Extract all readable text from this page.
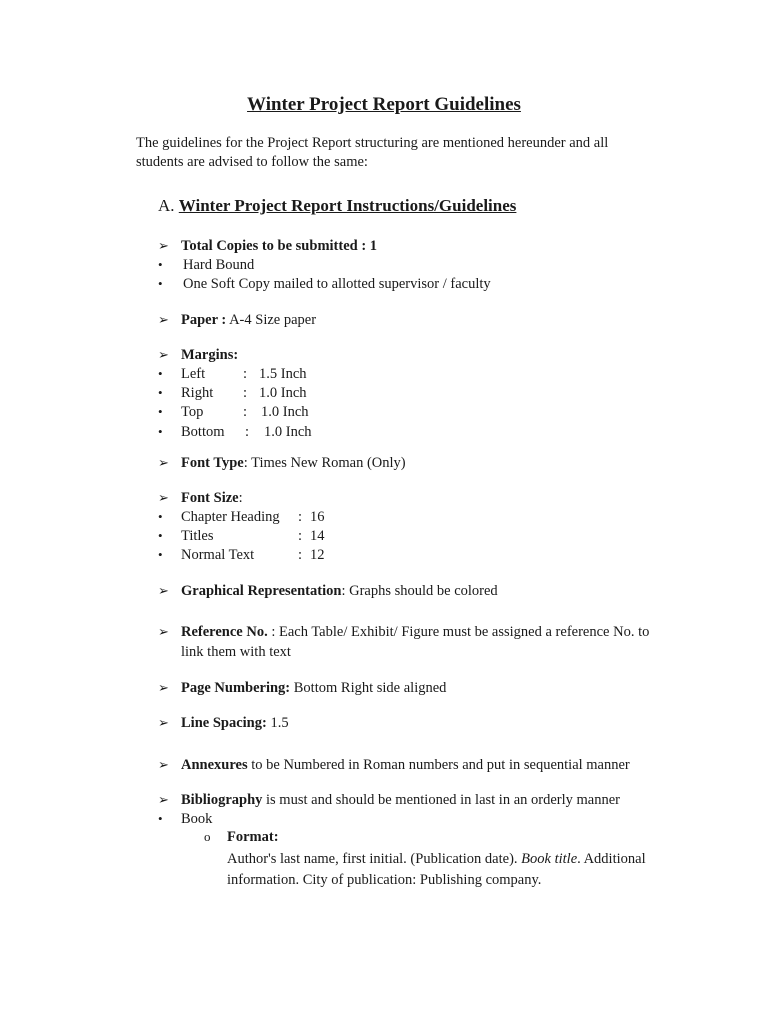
Winter Project Report Guidelines
The guidelines for the Project Report structuring are mentioned hereunder and all
students are advised to follow the same:
A. Winter Project Report Instructions/Guidelines
➢ Total Copies to be submitted : 1
• Hard Bound
• One Soft Copy mailed to allotted supervisor / faculty
➢ Paper : A-4 Size paper
➢ Margins:
• Left	: 1.5 Inch
• Right : 1.0 Inch
• Top	: 1.0 Inch
• Bottom : 1.0 Inch
➢ Font Type: Times New Roman (Only)
➢ Font Size:
• Chapter Heading : 16
• Titles	: 14
• Normal Text	: 12
➢ Graphical Representation: Graphs should be colored
➢ Reference No. : Each Table/ Exhibit/ Figure must be assigned a reference No. to
link them with text
➢ Page Numbering: Bottom Right side aligned
➢ Line Spacing: 1.5
➢ Annexures to be Numbered in Roman numbers and put in sequential manner
➢ Bibliography is must and should be mentioned in last in an orderly manner
• Book
o Format:
Author's last name, first initial. (Publication date). Book title. Additional
information. City of publication: Publishing company.
